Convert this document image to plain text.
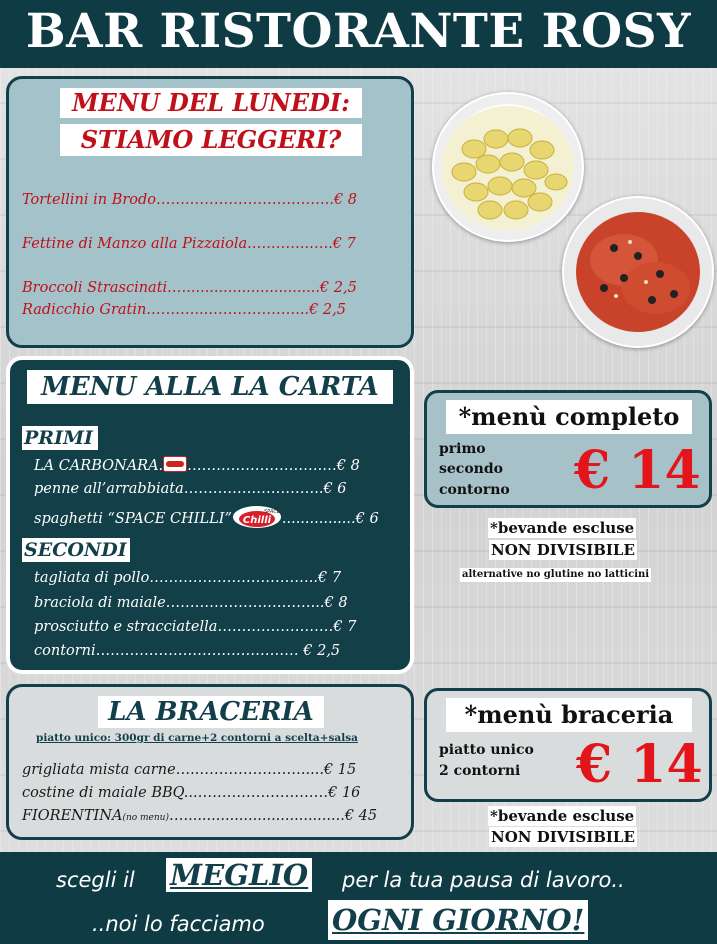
BAR RISTORANTE ROSY
MENU DEL LUNEDI:
STIAMO LEGGERI?
Tortellini in Brodo…….………………….……..€ 8
Fettine di Manzo alla Pizzaiola.….……..…..€ 7
Broccoli Strascinati.….............................€ 2,5
Radicchio Gratin.………...………………...€ 2,5
MENU ALLA LA CARTA
PRIMI
LA CARBONARA. ……………………….…€ 8
penne all’arrabbiata………………………..€ 6
spaghetti “SPACE CHILLI” Chilli
SPACE ................€ 6
SECONDI
tagliata di pollo……………………………..€ 7
braciola di maiale…………………………...€ 8
prosciutto e stracciatella……………………€ 7
contorni…………………………………… € 2,5
LA BRACERIA
piatto unico: 300gr di carne+2 contorni a scelta+salsa
grigliata mista carne…..………………….....€ 15
costine di maiale BBQ...………………………€ 16
FIORENTINA(no menu)…...................................€ 45
*menù completo
primo
secondo
contorno € 14
*bevande escluse
NON DIVISIBILE
alternative no glutine no latticini
*menù braceria
piatto unico
2 contorni € 14
*bevande escluse
NON DIVISIBILE
scegli il MEGLIO per la tua pausa di lavoro..
..noi lo facciamo OGNI GIORNO!
